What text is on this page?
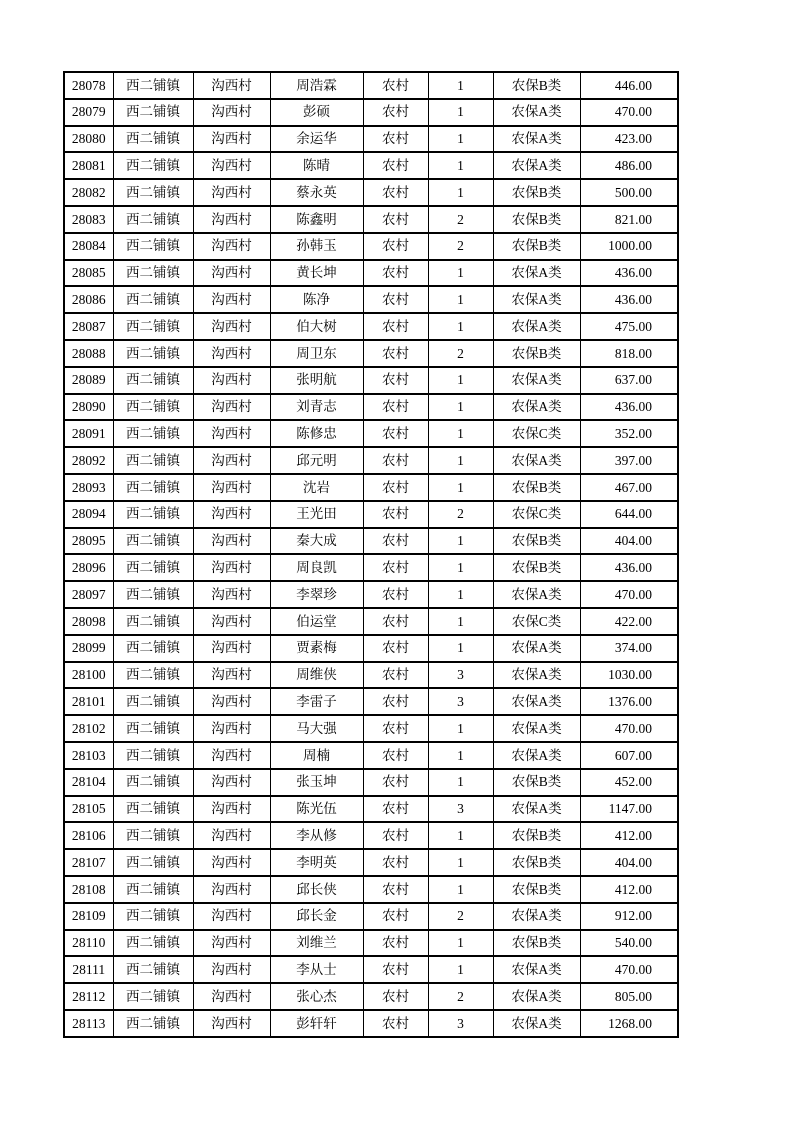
28078	西二铺镇	沟西村	周浩霖	农村	1	农保B类	446.00
28079	西二铺镇	沟西村	彭硕	农村	1	农保A类	470.00
28080	西二铺镇	沟西村	余运华	农村	1	农保A类	423.00
28081	西二铺镇	沟西村	陈晴	农村	1	农保A类	486.00
28082	西二铺镇	沟西村	蔡永英	农村	1	农保B类	500.00
28083	西二铺镇	沟西村	陈鑫明	农村	2	农保B类	821.00
28084	西二铺镇	沟西村	孙韩玉	农村	2	农保B类	1000.00
28085	西二铺镇	沟西村	黄长坤	农村	1	农保A类	436.00
28086	西二铺镇	沟西村	陈净	农村	1	农保A类	436.00
28087	西二铺镇	沟西村	伯大树	农村	1	农保A类	475.00
28088	西二铺镇	沟西村	周卫东	农村	2	农保B类	818.00
28089	西二铺镇	沟西村	张明航	农村	1	农保A类	637.00
28090	西二铺镇	沟西村	刘青志	农村	1	农保A类	436.00
28091	西二铺镇	沟西村	陈修忠	农村	1	农保C类	352.00
28092	西二铺镇	沟西村	邱元明	农村	1	农保A类	397.00
28093	西二铺镇	沟西村	沈岩	农村	1	农保B类	467.00
28094	西二铺镇	沟西村	王光田	农村	2	农保C类	644.00
28095	西二铺镇	沟西村	秦大成	农村	1	农保B类	404.00
28096	西二铺镇	沟西村	周良凯	农村	1	农保B类	436.00
28097	西二铺镇	沟西村	李翠珍	农村	1	农保A类	470.00
28098	西二铺镇	沟西村	伯运堂	农村	1	农保C类	422.00
28099	西二铺镇	沟西村	贾素梅	农村	1	农保A类	374.00
28100	西二铺镇	沟西村	周维侠	农村	3	农保A类	1030.00
28101	西二铺镇	沟西村	李雷子	农村	3	农保A类	1376.00
28102	西二铺镇	沟西村	马大强	农村	1	农保A类	470.00
28103	西二铺镇	沟西村	周楠	农村	1	农保A类	607.00
28104	西二铺镇	沟西村	张玉坤	农村	1	农保B类	452.00
28105	西二铺镇	沟西村	陈光伍	农村	3	农保A类	1147.00
28106	西二铺镇	沟西村	李从修	农村	1	农保B类	412.00
28107	西二铺镇	沟西村	李明英	农村	1	农保B类	404.00
28108	西二铺镇	沟西村	邱长侠	农村	1	农保B类	412.00
28109	西二铺镇	沟西村	邱长金	农村	2	农保A类	912.00
28110	西二铺镇	沟西村	刘维兰	农村	1	农保B类	540.00
28111	西二铺镇	沟西村	李从士	农村	1	农保A类	470.00
28112	西二铺镇	沟西村	张心杰	农村	2	农保A类	805.00
28113	西二铺镇	沟西村	彭轩轩	农村	3	农保A类	1268.00
